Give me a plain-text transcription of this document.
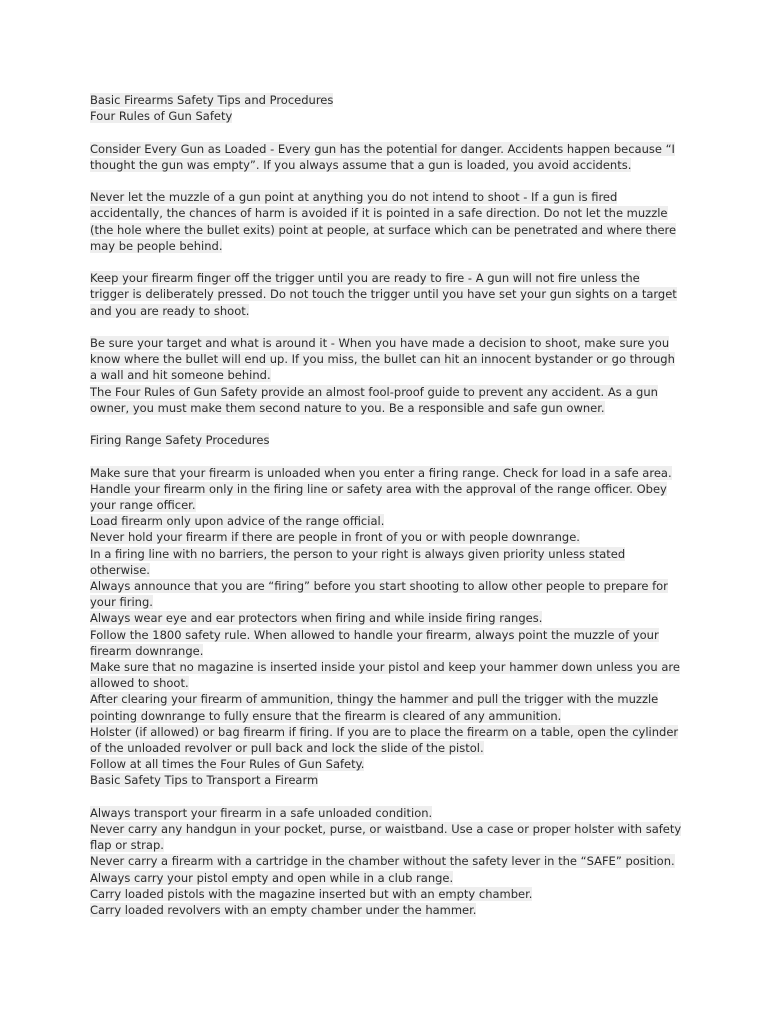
Basic Firearms Safety Tips and Procedures
Four Rules of Gun Safety
Consider Every Gun as Loaded - Every gun has the potential for danger. Accidents happen because “I
thought the gun was empty”. If you always assume that a gun is loaded, you avoid accidents.
Never let the muzzle of a gun point at anything you do not intend to shoot - If a gun is fired
accidentally, the chances of harm is avoided if it is pointed in a safe direction. Do not let the muzzle
(the hole where the bullet exits) point at people, at surface which can be penetrated and where there
may be people behind.
Keep your firearm finger off the trigger until you are ready to fire - A gun will not fire unless the
trigger is deliberately pressed. Do not touch the trigger until you have set your gun sights on a target
and you are ready to shoot.
Be sure your target and what is around it - When you have made a decision to shoot, make sure you
know where the bullet will end up. If you miss, the bullet can hit an innocent bystander or go through
a wall and hit someone behind.
The Four Rules of Gun Safety provide an almost fool-proof guide to prevent any accident. As a gun
owner, you must make them second nature to you. Be a responsible and safe gun owner.
Firing Range Safety Procedures
Make sure that your firearm is unloaded when you enter a firing range. Check for load in a safe area.
Handle your firearm only in the firing line or safety area with the approval of the range officer. Obey
your range officer.
Load firearm only upon advice of the range official.
Never hold your firearm if there are people in front of you or with people downrange.
In a firing line with no barriers, the person to your right is always given priority unless stated
otherwise.
Always announce that you are “firing” before you start shooting to allow other people to prepare for
your firing.
Always wear eye and ear protectors when firing and while inside firing ranges.
Follow the 1800 safety rule. When allowed to handle your firearm, always point the muzzle of your
firearm downrange.
Make sure that no magazine is inserted inside your pistol and keep your hammer down unless you are
allowed to shoot.
After clearing your firearm of ammunition, thingy the hammer and pull the trigger with the muzzle
pointing downrange to fully ensure that the firearm is cleared of any ammunition.
Holster (if allowed) or bag firearm if firing. If you are to place the firearm on a table, open the cylinder
of the unloaded revolver or pull back and lock the slide of the pistol.
Follow at all times the Four Rules of Gun Safety.
Basic Safety Tips to Transport a Firearm
Always transport your firearm in a safe unloaded condition.
Never carry any handgun in your pocket, purse, or waistband. Use a case or proper holster with safety
flap or strap.
Never carry a firearm with a cartridge in the chamber without the safety lever in the “SAFE” position.
Always carry your pistol empty and open while in a club range.
Carry loaded pistols with the magazine inserted but with an empty chamber.
Carry loaded revolvers with an empty chamber under the hammer.
